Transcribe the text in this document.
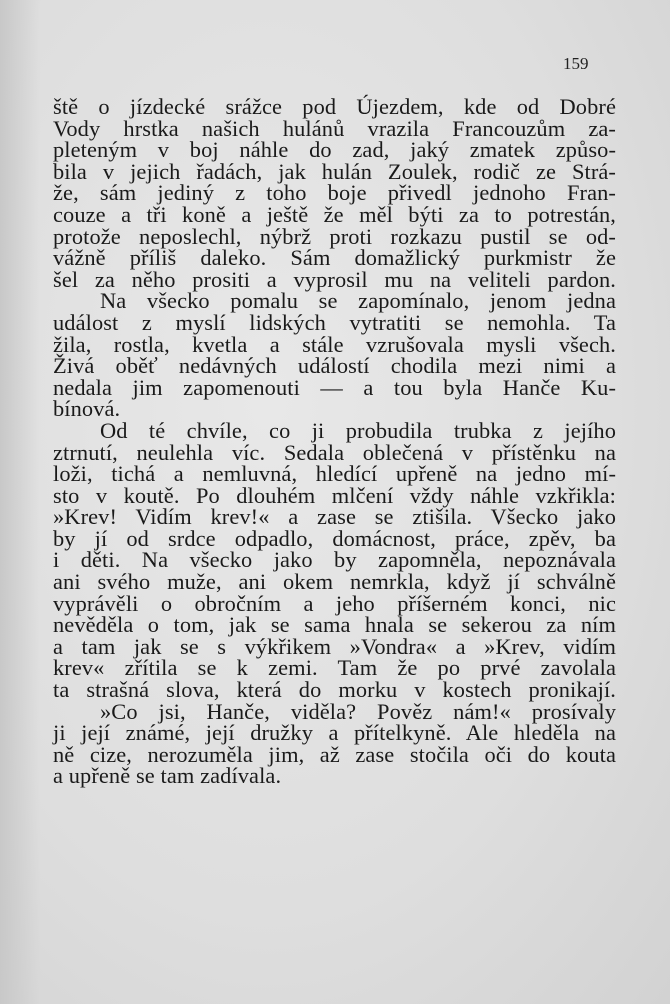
159
ště o jízdecké srážce pod Újezdem, kde od Dobré
Vody hrstka našich hulánů vrazila Francouzům za-
pleteným v boj náhle do zad, jaký zmatek způso-
bila v jejich řadách, jak hulán Zoulek, rodič ze Strá-
že, sám jediný z toho boje přivedl jednoho Fran-
couze a tři koně a ještě že měl býti za to potrestán,
protože neposlechl, nýbrž proti rozkazu pustil se od-
vážně příliš daleko. Sám domažlický purkmistr že
šel za něho prositi a vyprosil mu na veliteli pardon.
Na všecko pomalu se zapomínalo, jenom jedna
událost z myslí lidských vytratiti se nemohla. Ta
žila, rostla, kvetla a stále vzrušovala mysli všech.
Živá oběť nedávných událostí chodila mezi nimi a
nedala jim zapomenouti — a tou byla Hanče Ku-
bínová.
Od té chvíle, co ji probudila trubka z jejího
ztrnutí, neulehla víc. Sedala oblečená v přístěnku na
loži, tichá a nemluvná, hledící upřeně na jedno mí-
sto v koutě. Po dlouhém mlčení vždy náhle vzkřikla:
»Krev! Vidím krev!« a zase se ztišila. Všecko jako
by jí od srdce odpadlo, domácnost, práce, zpěv, ba
i děti. Na všecko jako by zapomněla, nepoznávala
ani svého muže, ani okem nemrkla, když jí schválně
vyprávěli o obročním a jeho příšerném konci, nic
nevěděla o tom, jak se sama hnala se sekerou za ním
a tam jak se s výkřikem »Vondra« a »Krev, vidím
krev« zřítila se k zemi. Tam že po prvé zavolala
ta strašná slova, která do morku v kostech pronikají.
»Co jsi, Hanče, viděla? Pověz nám!« prosívaly
ji její známé, její družky a přítelkyně. Ale hleděla na
ně cize, nerozuměla jim, až zase stočila oči do kouta
a upřeně se tam zadívala.
